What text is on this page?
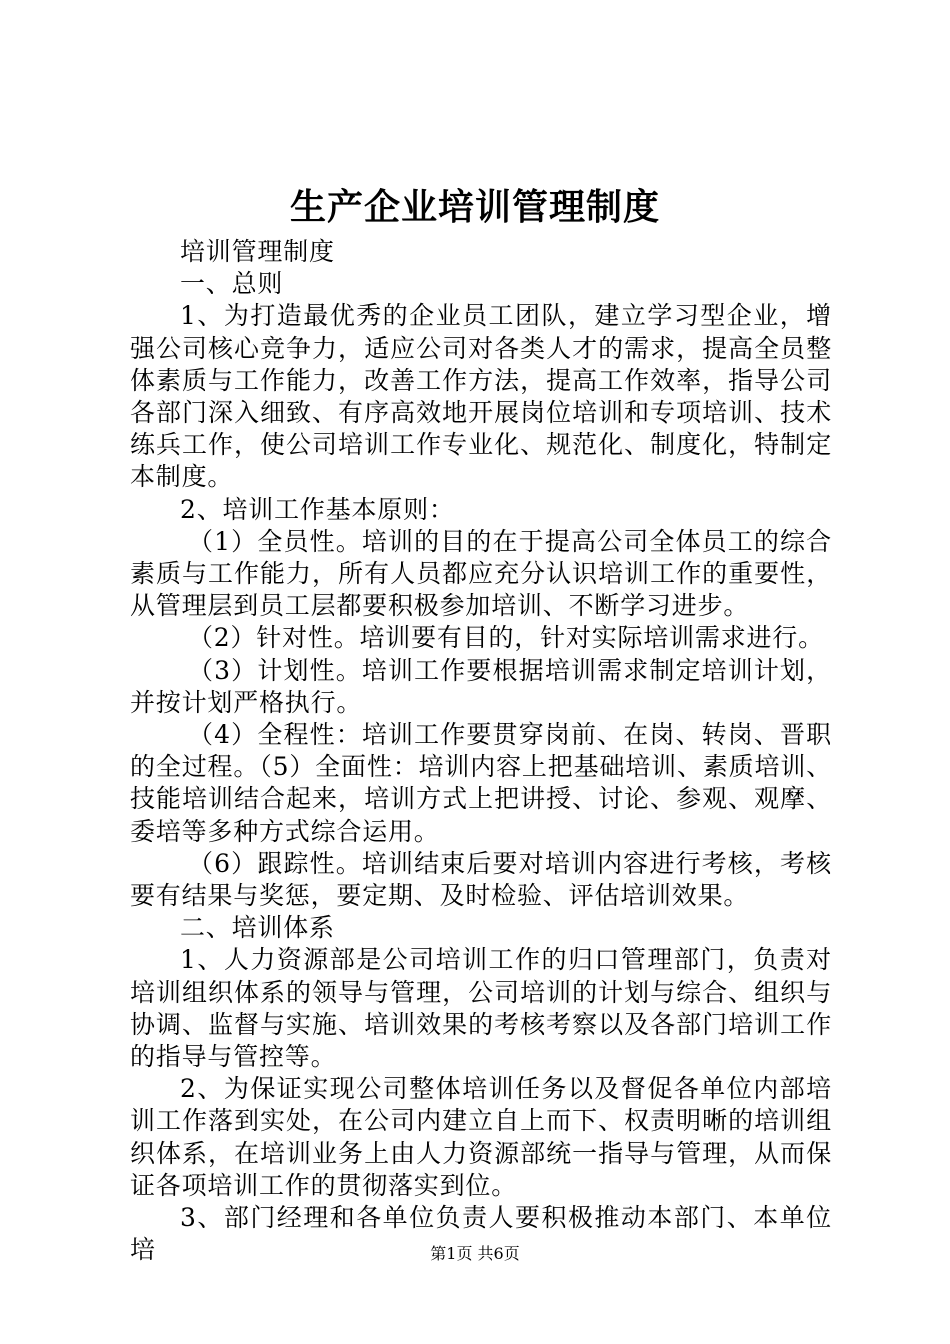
生产企业培训管理制度

培训管理制度

一、总则

1、为打造最优秀的企业员工团队，建立学习型企业，增强公司核心竞争力，适应公司对各类人才的需求，提高全员整体素质与工作能力，改善工作方法，提高工作效率，指导公司各部门深入细致、有序高效地开展岗位培训和专项培训、技术练兵工作，使公司培训工作专业化、规范化、制度化，特制定本制度。

2、培训工作基本原则：

（1）全员性。培训的目的在于提高公司全体员工的综合素质与工作能力，所有人员都应充分认识培训工作的重要性，从管理层到员工层都要积极参加培训、不断学习进步。

（2）针对性。培训要有目的，针对实际培训需求进行。

（3）计划性。培训工作要根据培训需求制定培训计划，并按计划严格执行。

（4）全程性：培训工作要贯穿岗前、在岗、转岗、晋职的全过程。（5）全面性：培训内容上把基础培训、素质培训、技能培训结合起来，培训方式上把讲授、讨论、参观、观摩、委培等多种方式综合运用。

（6）跟踪性。培训结束后要对培训内容进行考核，考核要有结果与奖惩，要定期、及时检验、评估培训效果。

二、培训体系

1、人力资源部是公司培训工作的归口管理部门，负责对培训组织体系的领导与管理，公司培训的计划与综合、组织与协调、监督与实施、培训效果的考核考察以及各部门培训工作的指导与管控等。

2、为保证实现公司整体培训任务以及督促各单位内部培训工作落到实处，在公司内建立自上而下、权责明晰的培训组织体系，在培训业务上由人力资源部统一指导与管理，从而保证各项培训工作的贯彻落实到位。

3、部门经理和各单位负责人要积极推动本部门、本单位培	第1页 共6页
